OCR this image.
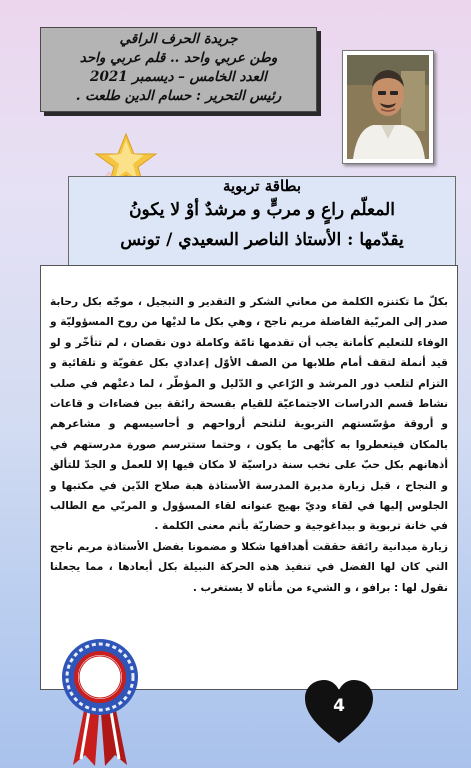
جريدة الحرف الراقي
وطن عربي واحد .. قلم عربي واحد
العدد الخامس – ديسمبر 2021
رئيس التحرير : حسام الدين طلعت .
بطاقة تربوية
المعلّم راعٍ و مربٍّ و مرشدٌ أوْ لا يكونُ
يقدّمها : الأستاذ الناصر السعيدي / تونس

بكلّ ما تكتنزه الكلمة من معاني الشكر و التقدير و التبجيل ، موجّه بكل رحابة صدر إلى المربّية الفاضلة مريم ناجح ، وهي بكل ما لديْها من روح المسؤوليّة و الوفاء للتعليم كأمانة يجب أن تقدمها تامّة وكاملة دون نقصان ، لم تتأخّر و لو قيد أنملة لتقف أمام طلابها من الصف الأوّل إعدادي بكل عفويّة و تلقائية و التزام لتلعب دور المرشد و الرّاعي و الدّليل و المؤطّر ، لما دعتْهم في صلب نشاط قسم الدراسات الاجتماعيّة للقيام بفسحة رائقة بين فضاءات و قاعات و أروقة مؤسّستهم التربوية لتلتحم أرواحهم و أحاسيسهم و مشاعرهم بالمكان فيتعطروا به كأبْهى ما يكون ، وحتما ستترسم صورة مدرستهم في أذهانهم بكل حبّ على نخب سنة دراسيّة لا مكان فيها إلا للعمل و الجدّ للتألق و النجاح ، قبل زيارة مديرة المدرسة الأستاذة هبة صلاح الدّين في مكتبها و الجلوس إليها في لقاء وديّ بهيج عنوانه لقاء المسؤول و المربّي مع الطالب في خانة تربوية و بيداغوجية و حضاريّة بأتم معنى الكلمة .

زيارة ميدانية رائقة حققت أهدافها شكلا و مضمونا بفضل الأستاذة مريم ناجح التي كان لها الفضل في تنفيذ هذه الحركة النبيلة بكل أبعادها ، مما يجعلنا نقول لها : برافو ، و الشيء من مأتاه لا يستغرب .

4
